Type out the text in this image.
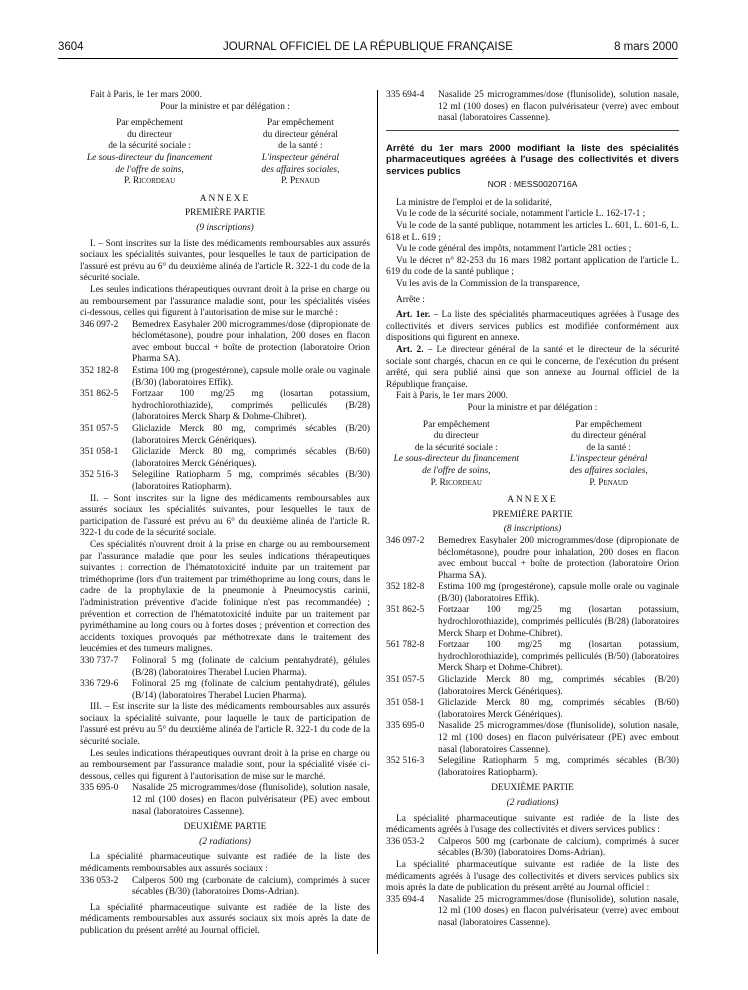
3604	JOURNAL OFFICIEL DE LA RÉPUBLIQUE FRANÇAISE	8 mars 2000

Fait à Paris, le 1er mars 2000.

Pour la ministre et par délégation :

Par empêchement
du directeur
de la sécurité sociale :
Le sous-directeur du financement
de l'offre de soins,
P. Ricordeau
Par empêchement
du directeur général
de la santé :
L'inspecteur général
des affaires sociales,
P. Penaud

ANNEXE

PREMIÈRE PARTIE

(9 inscriptions)

I. – Sont inscrites sur la liste des médicaments remboursables aux assurés sociaux les spécialités suivantes, pour lesquelles le taux de participation de l'assuré est prévu au 6° du deuxième alinéa de l'article R. 322-1 du code de la sécurité sociale.

Les seules indications thérapeutiques ouvrant droit à la prise en charge ou au remboursement par l'assurance maladie sont, pour les spécialités visées ci-dessous, celles qui figurent à l'autorisation de mise sur le marché :

346 097-2	Bemedrex Easyhaler 200 microgrammes/dose (dipropionate de béclométasone), poudre pour inhalation, 200 doses en flacon avec embout buccal + boîte de protection (laboratoire Orion Pharma SA).
352 182-8	Estima 100 mg (progestérone), capsule molle orale ou vaginale (B/30) (laboratoires Effik).
351 862-5	Fortzaar 100 mg/25 mg (losartan potassium, hydrochlorothiazide), comprimés pelliculés (B/28) (laboratoires Merck Sharp & Dohme-Chibret).
351 057-5	Gliclazide Merck 80 mg, comprimés sécables (B/20) (laboratoires Merck Génériques).
351 058-1	Gliclazide Merck 80 mg, comprimés sécables (B/60) (laboratoires Merck Génériques).
352 516-3	Selegiline Ratiopharm 5 mg, comprimés sécables (B/30) (laboratoires Ratiopharm).

II. – Sont inscrites sur la ligne des médicaments remboursables aux assurés sociaux les spécialités suivantes, pour lesquelles le taux de participation de l'assuré est prévu au 6° du deuxième alinéa de l'article R. 322-1 du code de la sécurité sociale.

Ces spécialités n'ouvrent droit à la prise en charge ou au remboursement par l'assurance maladie que pour les seules indications thérapeutiques suivantes : correction de l'hématotoxicité induite par un traitement par triméthoprime (lors d'un traitement par triméthoprime au long cours, dans le cadre de la prophylaxie de la pneumonie à Pneumocystis carinii, l'administration préventive d'acide folinique n'est pas recommandée) ; prévention et correction de l'hématotoxicité induite par un traitement par pyriméthamine au long cours ou à fortes doses ; prévention et correction des accidents toxiques provoqués par méthotrexate dans le traitement des leucémies et des tumeurs malignes.

330 737-7	Folinoral 5 mg (folinate de calcium pentahydraté), gélules (B/28) (laboratoires Therabel Lucien Pharma).
336 729-6	Folinoral 25 mg (folinate de calcium pentahydraté), gélules (B/14) (laboratoires Therabel Lucien Pharma).

III. – Est inscrite sur la liste des médicaments remboursables aux assurés sociaux la spécialité suivante, pour laquelle le taux de participation de l'assuré est prévu au 5° du deuxième alinéa de l'article R. 322-1 du code de la sécurité sociale.

Les seules indications thérapeutiques ouvrant droit à la prise en charge ou au remboursement par l'assurance maladie sont, pour la spécialité visée ci-dessous, celles qui figurent à l'autorisation de mise sur le marché.

335 695-0	Nasalide 25 microgrammes/dose (flunisolide), solution nasale, 12 ml (100 doses) en flacon pulvérisateur (PE) avec embout nasal (laboratoires Cassenne).

DEUXIÈME PARTIE

(2 radiations)

La spécialité pharmaceutique suivante est radiée de la liste des médicaments remboursables aux assurés sociaux :

336 053-2	Calperos 500 mg (carbonate de calcium), comprimés à sucer sécables (B/30) (laboratoires Doms-Adrian).

La spécialité pharmaceutique suivante est radiée de la liste des médicaments remboursables aux assurés sociaux six mois après la date de publication du présent arrêté au Journal officiel.

335 694-4	Nasalide 25 microgrammes/dose (flunisolide), solution nasale, 12 ml (100 doses) en flacon pulvérisateur (verre) avec embout nasal (laboratoires Cassenne).

Arrêté du 1er mars 2000 modifiant la liste des spécialités pharmaceutiques agréées à l'usage des collectivités et divers services publics

NOR : MESS0020716A

La ministre de l'emploi et de la solidarité,

Vu le code de la sécurité sociale, notamment l'article L. 162-17-1 ;

Vu le code de la santé publique, notamment les articles L. 601, L. 601-6, L. 618 et L. 619 ;

Vu le code général des impôts, notamment l'article 281 octies ;

Vu le décret n° 82-253 du 16 mars 1982 portant application de l'article L. 619 du code de la santé publique ;

Vu les avis de la Commission de la transparence,

Arrête :

Art. 1er. – La liste des spécialités pharmaceutiques agréées à l'usage des collectivités et divers services publics est modifiée conformément aux dispositions qui figurent en annexe.

Art. 2. – Le directeur général de la santé et le directeur de la sécurité sociale sont chargés, chacun en ce qui le concerne, de l'exécution du présent arrêté, qui sera publié ainsi que son annexe au Journal officiel de la République française.

Fait à Paris, le 1er mars 2000.

Pour la ministre et par délégation :

Par empêchement
du directeur
de la sécurité sociale :
Le sous-directeur du financement
de l'offre de soins,
P. Ricordeau
Par empêchement
du directeur général
de la santé :
L'inspecteur général
des affaires sociales,
P. Penaud

ANNEXE

PREMIÈRE PARTIE

(8 inscriptions)

346 097-2	Bemedrex Easyhaler 200 microgrammes/dose (dipropionate de béclométasone), poudre pour inhalation, 200 doses en flacon avec embout buccal + boîte de protection (laboratoire Orion Pharma SA).
352 182-8	Estima 100 mg (progestérone), capsule molle orale ou vaginale (B/30) (laboratoires Effik).
351 862-5	Fortzaar 100 mg/25 mg (losartan potassium, hydrochlorothiazide), comprimés pelliculés (B/28) (laboratoires Merck Sharp et Dohme-Chibret).
561 782-8	Fortzaar 100 mg/25 mg (losartan potassium, hydrochlorothiazide), comprimés pelliculés (B/50) (laboratoires Merck Sharp et Dohme-Chibret).
351 057-5	Gliclazide Merck 80 mg, comprimés sécables (B/20) (laboratoires Merck Génériques).
351 058-1	Gliclazide Merck 80 mg, comprimés sécables (B/60) (laboratoires Merck Génériques).
335 695-0	Nasalide 25 microgrammes/dose (flunisolide), solution nasale, 12 ml (100 doses) en flacon pulvérisateur (PE) avec embout nasal (laboratoires Cassenne).
352 516-3	Selegiline Ratiopharm 5 mg, comprimés sécables (B/30) (laboratoires Ratiopharm).

DEUXIÈME PARTIE

(2 radiations)

La spécialité pharmaceutique suivante est radiée de la liste des médicaments agréés à l'usage des collectivités et divers services publics :

336 053-2	Calperos 500 mg (carbonate de calcium), comprimés à sucer sécables (B/30) (laboratoires Doms-Adrian).

La spécialité pharmaceutique suivante est radiée de la liste des médicaments agréés à l'usage des collectivités et divers services publics six mois après la date de publication du présent arrêté au Journal officiel :

335 694-4	Nasalide 25 microgrammes/dose (flunisolide), solution nasale, 12 ml (100 doses) en flacon pulvérisateur (verre) avec embout nasal (laboratoires Cassenne).
